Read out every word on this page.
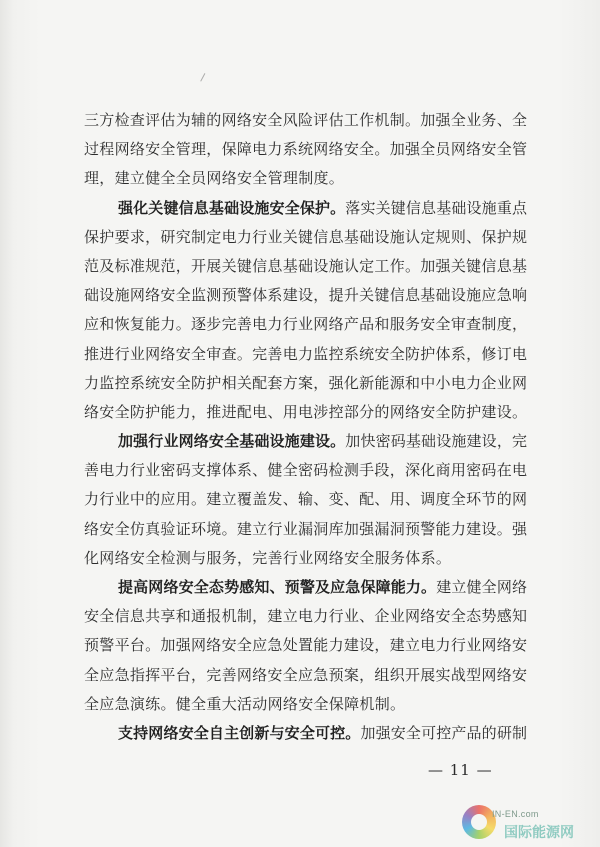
三方检查评估为辅的网络安全风险评估工作机制。加强全业务、全
过程网络安全管理，保障电力系统网络安全。加强全员网络安全管
理，建立健全全员网络安全管理制度。
强化关键信息基础设施安全保护。落实关键信息基础设施重点
保护要求，研究制定电力行业关键信息基础设施认定规则、保护规
范及标准规范，开展关键信息基础设施认定工作。加强关键信息基
础设施网络安全监测预警体系建设，提升关键信息基础设施应急响
应和恢复能力。逐步完善电力行业网络产品和服务安全审查制度，
推进行业网络安全审查。完善电力监控系统安全防护体系，修订电
力监控系统安全防护相关配套方案，强化新能源和中小电力企业网
络安全防护能力，推进配电、用电涉控部分的网络安全防护建设。
加强行业网络安全基础设施建设。加快密码基础设施建设，完
善电力行业密码支撑体系、健全密码检测手段，深化商用密码在电
力行业中的应用。建立覆盖发、输、变、配、用、调度全环节的网
络安全仿真验证环境。建立行业漏洞库加强漏洞预警能力建设。强
化网络安全检测与服务，完善行业网络安全服务体系。
提高网络安全态势感知、预警及应急保障能力。建立健全网络
安全信息共享和通报机制，建立电力行业、企业网络安全态势感知
预警平台。加强网络安全应急处置能力建设，建立电力行业网络安
全应急指挥平台，完善网络安全应急预案，组织开展实战型网络安
全应急演练。健全重大活动网络安全保障机制。
支持网络安全自主创新与安全可控。加强安全可控产品的研制
— 11 —
IN-EN.com
国际能源网
